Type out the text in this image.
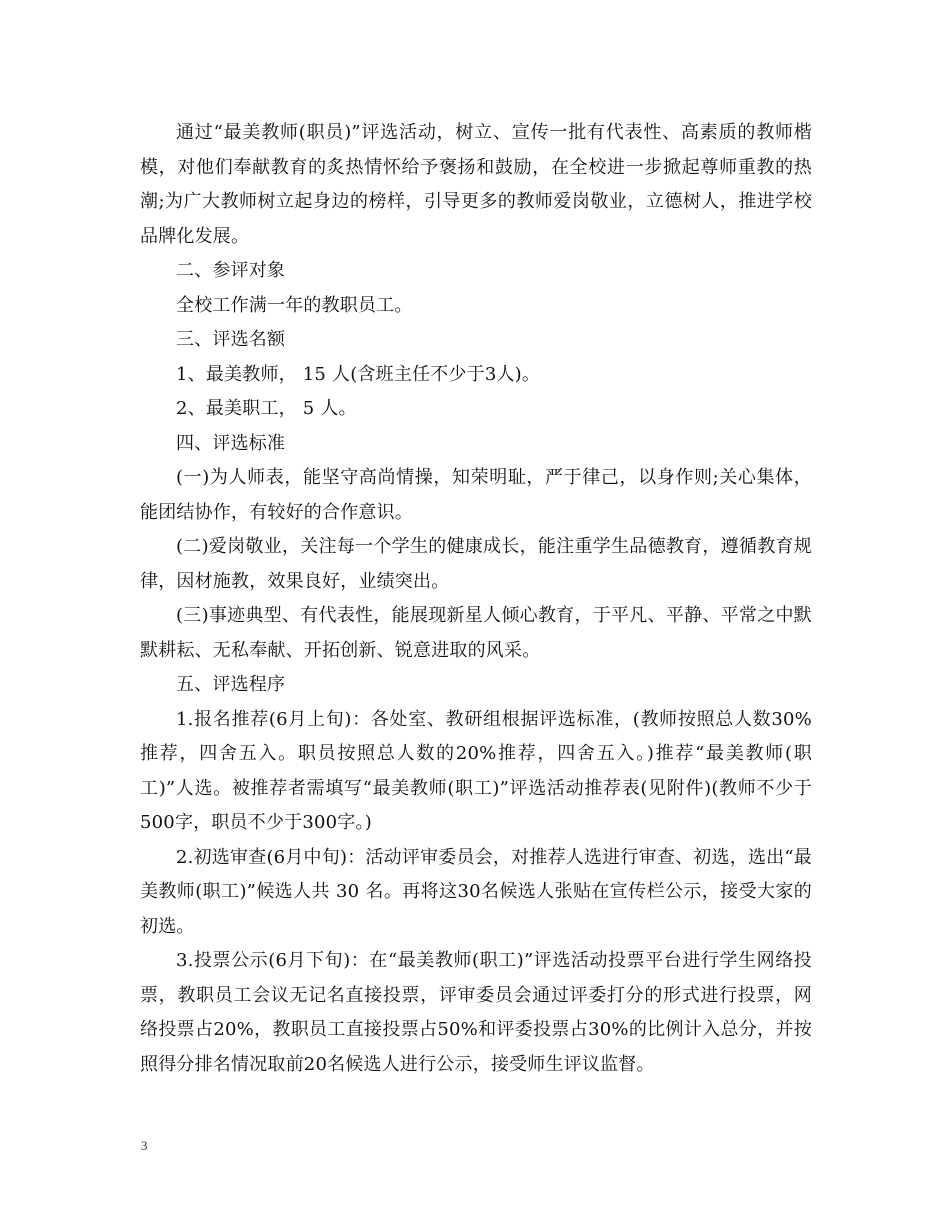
通过“最美教师(职员)”评选活动，树立、宣传一批有代表性、高素质的教师楷模，对他们奉献教育的炙热情怀给予褒扬和鼓励，在全校进一步掀起尊师重教的热潮;为广大教师树立起身边的榜样，引导更多的教师爱岗敬业，立德树人，推进学校品牌化发展。

二、参评对象

全校工作满一年的教职员工。

三、评选名额

1、最美教师， 15 人(含班主任不少于3人)。

2、最美职工， 5 人。

四、评选标准

(一)为人师表，能坚守高尚情操，知荣明耻，严于律己，以身作则;关心集体，能团结协作，有较好的合作意识。

(二)爱岗敬业，关注每一个学生的健康成长，能注重学生品德教育，遵循教育规律，因材施教，效果良好，业绩突出。

(三)事迹典型、有代表性，能展现新星人倾心教育，于平凡、平静、平常之中默默耕耘、无私奉献、开拓创新、锐意进取的风采。

五、评选程序

1.报名推荐(6月上旬)：各处室、教研组根据评选标准，(教师按照总人数30%推荐，四舍五入。职员按照总人数的20%推荐，四舍五入。)推荐“最美教师(职工)”人选。被推荐者需填写“最美教师(职工)”评选活动推荐表(见附件)(教师不少于500字，职员不少于300字。)

2.初选审查(6月中旬)：活动评审委员会，对推荐人选进行审查、初选，选出“最美教师(职工)”候选人共 30 名。再将这30名候选人张贴在宣传栏公示，接受大家的初选。

3.投票公示(6月下旬)：在“最美教师(职工)”评选活动投票平台进行学生网络投票，教职员工会议无记名直接投票，评审委员会通过评委打分的形式进行投票，网络投票占20%，教职员工直接投票占50%和评委投票占30%的比例计入总分，并按照得分排名情况取前20名候选人进行公示，接受师生评议监督。

3
